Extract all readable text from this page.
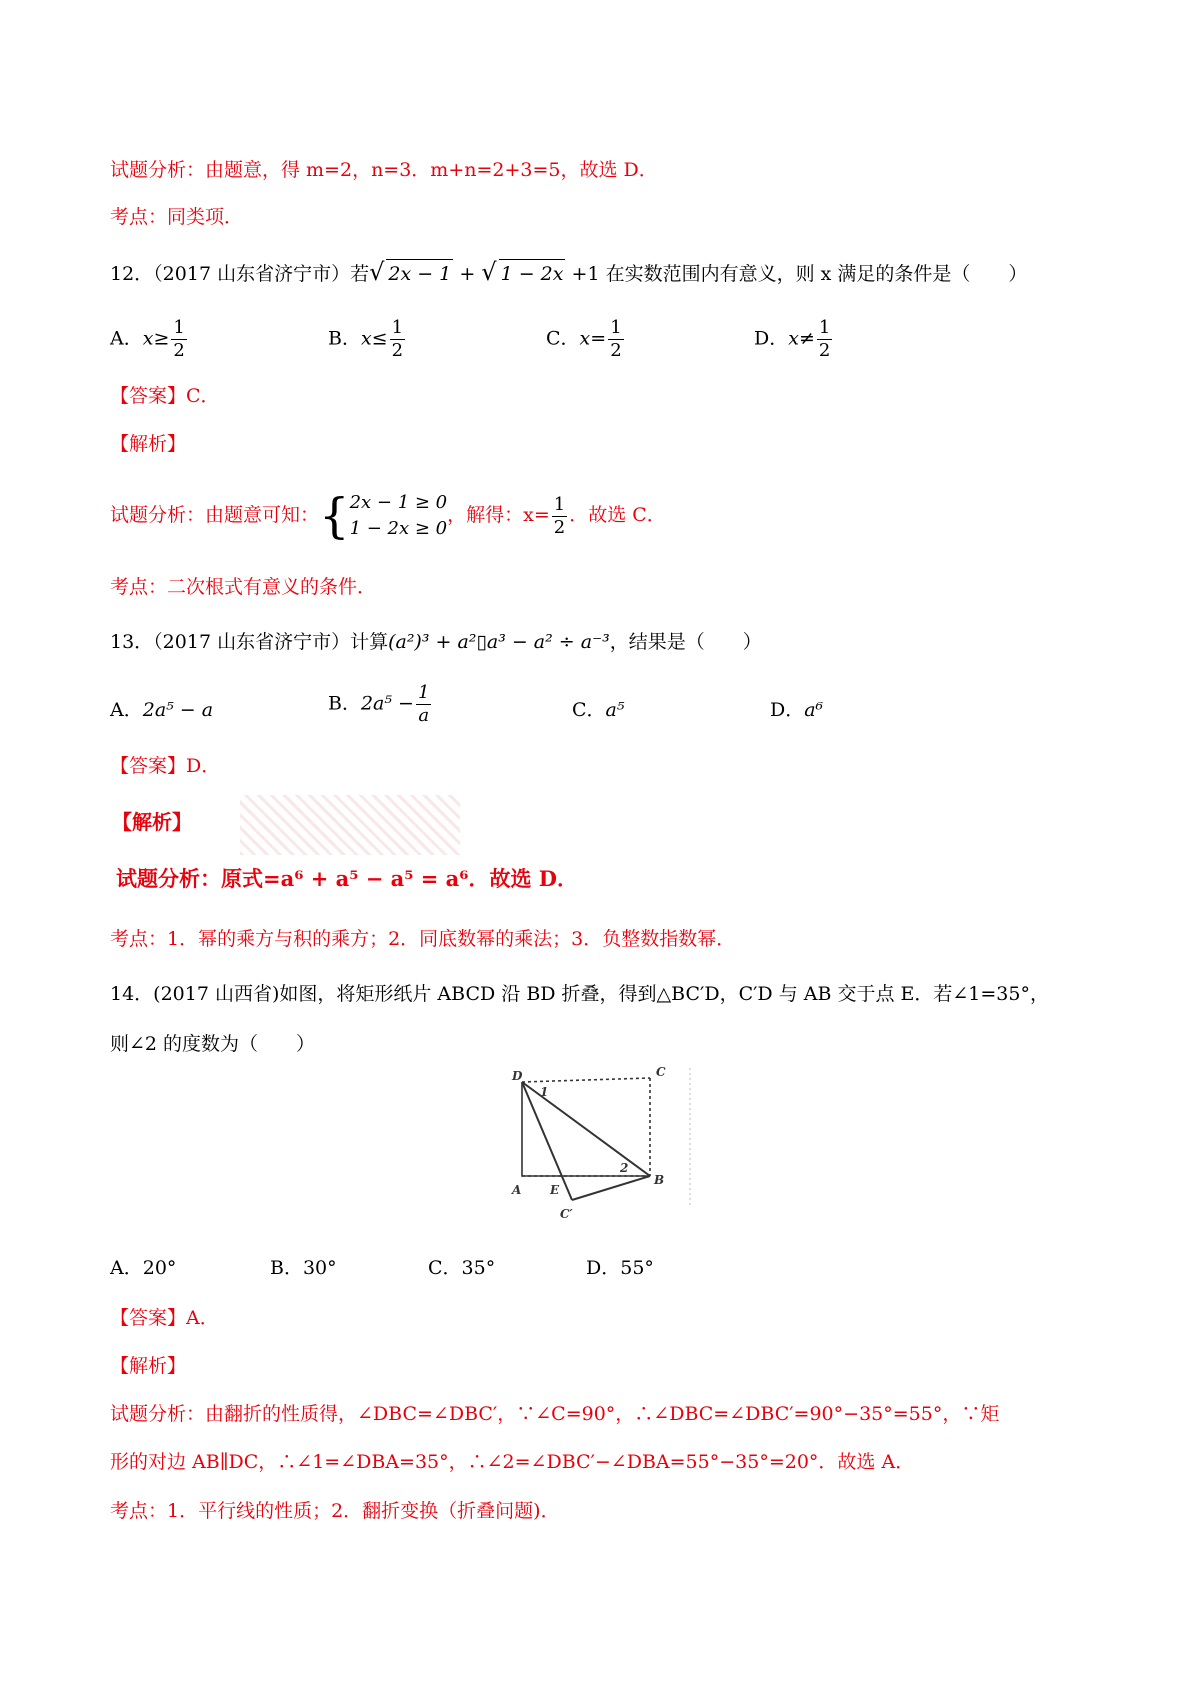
试题分析：由题意，得 m=2，n=3．m+n=2+3=5，故选 D．
考点：同类项．
12．（2017 山东省济宁市）若√ 2x − 1 + √ 1 − 2x +1 在实数范围内有意义，则 x 满足的条件是（　　）
A．$x\ge \frac{1}{2}$	B．$x\le \frac{1}{2}$	C．$x= \frac{1}{2}$	D．$x\ne \frac{1}{2}$
【答案】C．
【解析】
试题分析：由题意可知：{ 2x − 1 ≥ 0
1 − 2x ≥ 0
，解得：$x= \frac{1}{2}$ ．故选 C．
考点：二次根式有意义的条件．
13．（2017 山东省济宁市）计算(a²)³ + a²▯a³ − a² ÷ a⁻³，结果是（　　）
A．2a⁵ − a	B．$2a^5 - \frac{1}{a}$	C．a⁵	D．a⁶
【答案】D．
【解析】
试题分析：原式=a⁶ + a⁵ − a⁵ = a⁶．故选 D．
考点：1．幂的乘方与积的乘方；2．同底数幂的乘法；3．负整数指数幂．
14．(2017 山西省)如图，将矩形纸片 ABCD 沿 BD 折叠，得到△BC′D，C′D 与 AB 交于点 E．若∠1=35°，
则∠2 的度数为（　　）
D	C
A E
B
C′
1
2
A．20°	B．30°	C．35°	D．55°
【答案】A．
【解析】
试题分析：由翻折的性质得，∠DBC=∠DBC′，∵∠C=90°，∴∠DBC=∠DBC′=90°−35°=55°，∵矩
形的对边 AB∥DC，∴∠1=∠DBA=35°，∴∠2=∠DBC′−∠DBA=55°−35°=20°．故选 A．
考点：1．平行线的性质；2．翻折变换（折叠问题)．
